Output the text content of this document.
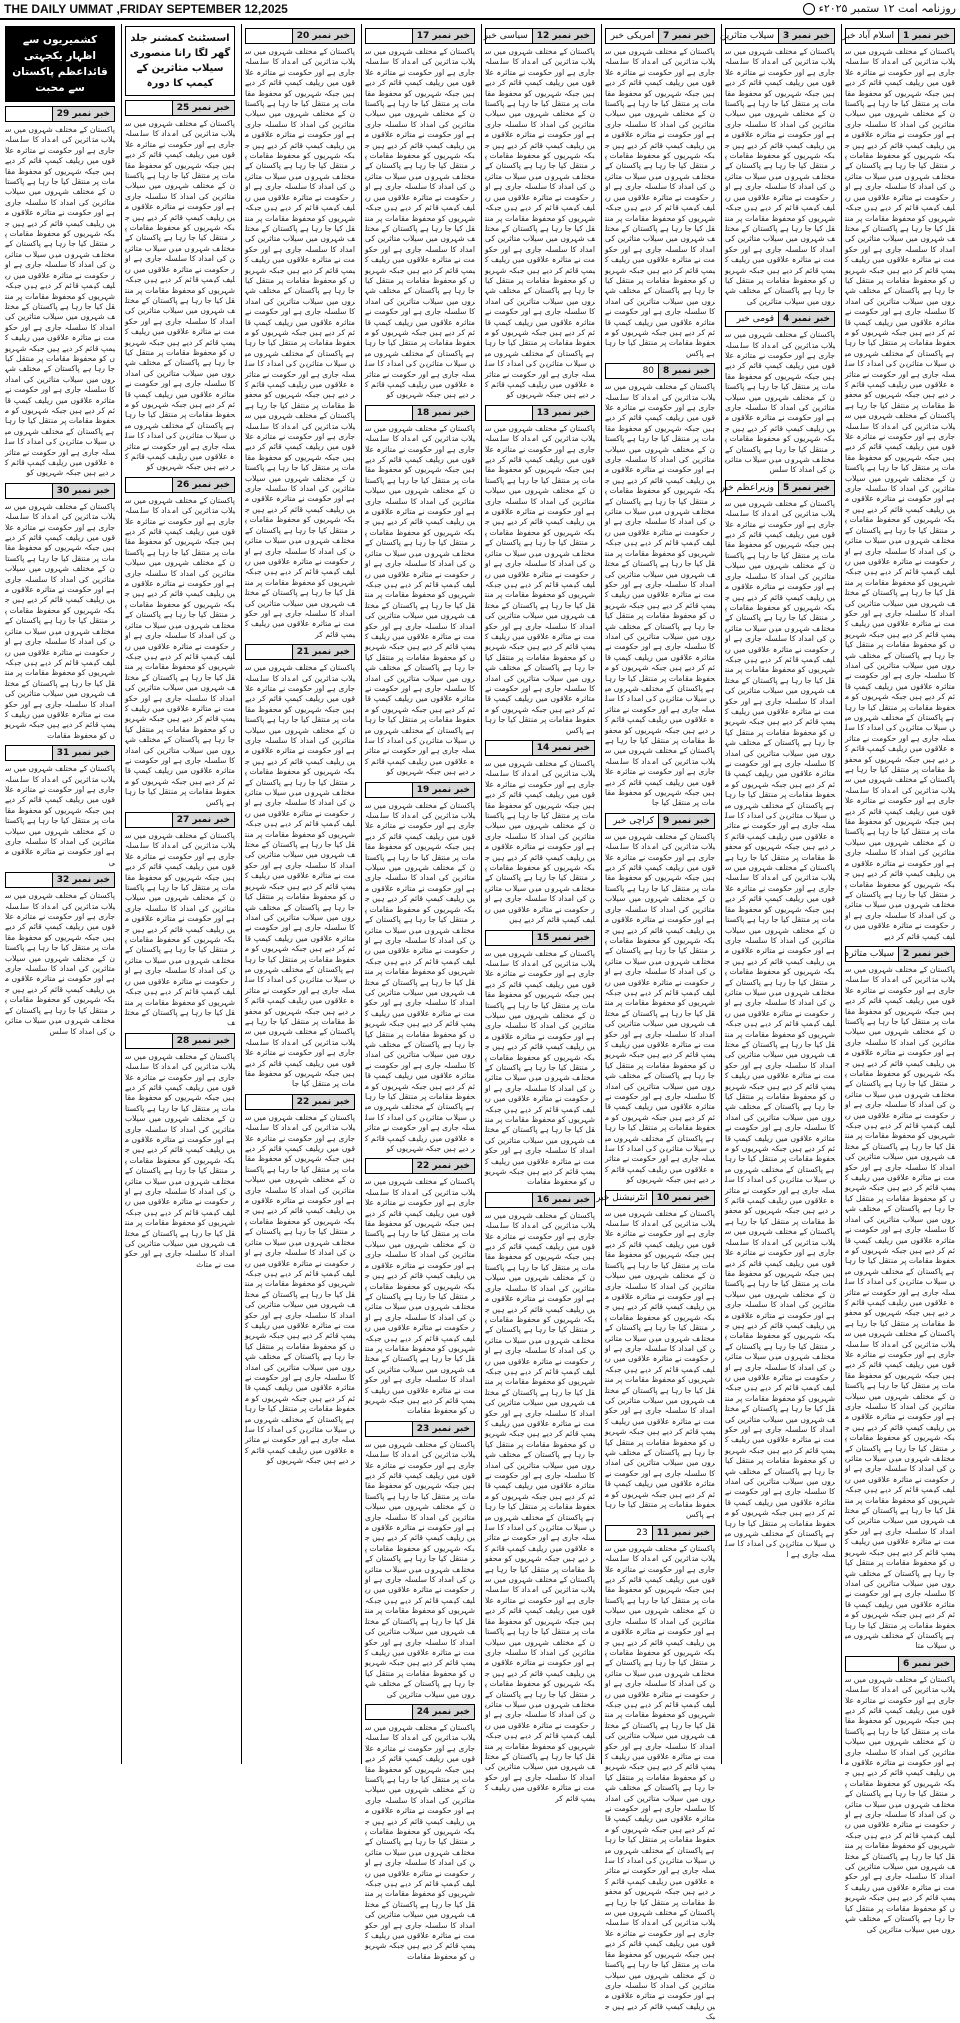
THE DAILY UMMAT ,FRIDAY SEPTEMBER 12,2025	روزنامہ امت ۱۲ ستمبر ۲۰۲۵ء
خبر نمبر 1
اسلام آباد خبر
پاکستان کے مختلف شہروں میں سیلاب متاثرین کی امداد کا سلسلہ جاری ہے اور حکومت نے متاثرہ علاقوں میں ریلیف کیمپ قائم کر دیے ہیں جبکہ شہریوں کو محفوظ مقامات پر منتقل کیا جا رہا ہے پاکستان کے مختلف شہروں میں سیلاب متاثرین کی امداد کا سلسلہ جاری ہے اور حکومت نے متاثرہ علاقوں میں ریلیف کیمپ قائم کر دیے ہیں جبکہ شہریوں کو محفوظ مقامات پر منتقل کیا جا رہا ہے پاکستان کے مختلف شہروں میں سیلاب متاثرین کی امداد کا سلسلہ جاری ہے اور حکومت نے متاثرہ علاقوں میں ریلیف کیمپ قائم کر دیے ہیں جبکہ شہریوں کو محفوظ مقامات پر منتقل کیا جا رہا ہے پاکستان کے مختلف شہروں میں سیلاب متاثرین کی امداد کا سلسلہ جاری ہے اور حکومت نے متاثرہ علاقوں میں ریلیف کیمپ قائم کر دیے ہیں جبکہ شہریوں کو محفوظ مقامات پر منتقل کیا جا رہا ہے پاکستان کے مختلف شہروں میں سیلاب متاثرین کی امداد کا سلسلہ جاری ہے اور حکومت نے متاثرہ علاقوں میں ریلیف کیمپ قائم کر دیے ہیں جبکہ شہریوں کو محفوظ مقامات پر منتقل کیا جا رہا ہے پاکستان کے مختلف شہروں میں سیلاب متاثرین کی امداد کا سلسلہ جاری ہے اور حکومت نے متاثرہ علاقوں میں ریلیف کیمپ قائم کر دیے ہیں جبکہ شہریوں کو محفوظ مقامات پر منتقل کیا جا رہا ہے پاکستان کے مختلف شہروں میں سیلاب متاثرین کی امداد کا سلسلہ جاری ہے اور حکومت نے متاثرہ علاقوں میں ریلیف کیمپ قائم کر دیے ہیں جبکہ شہریوں کو محفوظ مقامات پر منتقل کیا جا رہا ہے پاکستان کے مختلف شہروں میں سیلاب متاثرین کی امداد کا سلسلہ جاری ہے اور حکومت نے متاثرہ علاقوں میں ریلیف کیمپ قائم کر دیے ہیں جبکہ شہریوں کو محفوظ مقامات پر منتقل کیا جا رہا ہے پاکستان کے مختلف شہروں میں سیلاب متاثرین کی امداد کا سلسلہ جاری ہے اور حکومت نے متاثرہ علاقوں میں ریلیف کیمپ قائم کر دیے ہیں جبکہ شہریوں کو محفوظ مقامات پر منتقل کیا جا رہا ہے پاکستان کے مختلف شہروں میں سیلاب متاثرین کی امداد کا سلسلہ جاری ہے اور حکومت نے متاثرہ علاقوں میں ریلیف کیمپ قائم کر دیے ہیں جبکہ شہریوں کو محفوظ مقامات پر منتقل کیا جا رہا ہے پاکستان کے مختلف شہروں میں سیلاب متاثرین کی امداد کا سلسلہ جاری ہے اور حکومت نے متاثرہ علاقوں میں ریلیف کیمپ قائم کر دیے ہیں جبکہ شہریوں کو محفوظ مقامات پر منتقل کیا جا رہا ہے پاکستان کے مختلف شہروں میں سیلاب متاثرین کی امداد کا سلسلہ جاری ہے اور حکومت نے متاثرہ علاقوں میں ریلیف کیمپ قائم کر دیے ہیں جبکہ شہریوں کو محفوظ مقامات پر منتقل کیا جا رہا ہے پاکستان کے مختلف شہروں میں سیلاب متاثرین کی امداد کا سلسلہ جاری ہے اور حکومت نے متاثرہ علاقوں میں ریلیف کیمپ قائم کر دیے ہیں جبکہ شہریوں کو محفوظ مقامات پر منتقل کیا جا رہا ہے پاکستان کے مختلف شہروں میں سیلاب متاثرین کی امداد کا سلسلہ جاری ہے اور حکومت نے متاثرہ علاقوں میں ریلیف کیمپ قائم کر دیے ہیں جبکہ شہریوں کو محفوظ مقامات پر منتقل کیا جا رہا ہے پاکستان کے مختلف شہروں میں سیلاب متاثرین کی امداد کا سلسلہ جاری ہے اور حکومت نے متاثرہ علاقوں میں ریلیف کیمپ قائم کر دیے
خبر نمبر 2
سیلاب متاثرہ
پاکستان کے مختلف شہروں میں سیلاب متاثرین کی امداد کا سلسلہ جاری ہے اور حکومت نے متاثرہ علاقوں میں ریلیف کیمپ قائم کر دیے ہیں جبکہ شہریوں کو محفوظ مقامات پر منتقل کیا جا رہا ہے پاکستان کے مختلف شہروں میں سیلاب متاثرین کی امداد کا سلسلہ جاری ہے اور حکومت نے متاثرہ علاقوں میں ریلیف کیمپ قائم کر دیے ہیں جبکہ شہریوں کو محفوظ مقامات پر منتقل کیا جا رہا ہے پاکستان کے مختلف شہروں میں سیلاب متاثرین کی امداد کا سلسلہ جاری ہے اور حکومت نے متاثرہ علاقوں میں ریلیف کیمپ قائم کر دیے ہیں جبکہ شہریوں کو محفوظ مقامات پر منتقل کیا جا رہا ہے پاکستان کے مختلف شہروں میں سیلاب متاثرین کی امداد کا سلسلہ جاری ہے اور حکومت نے متاثرہ علاقوں میں ریلیف کیمپ قائم کر دیے ہیں جبکہ شہریوں کو محفوظ مقامات پر منتقل کیا جا رہا ہے پاکستان کے مختلف شہروں میں سیلاب متاثرین کی امداد کا سلسلہ جاری ہے اور حکومت نے متاثرہ علاقوں میں ریلیف کیمپ قائم کر دیے ہیں جبکہ شہریوں کو محفوظ مقامات پر منتقل کیا جا رہا ہے پاکستان کے مختلف شہروں میں سیلاب متاثرین کی امداد کا سلسلہ جاری ہے اور حکومت نے متاثرہ علاقوں میں ریلیف کیمپ قائم کر دیے ہیں جبکہ شہریوں کو محفوظ مقامات پر منتقل کیا جا رہا ہے پاکستان کے مختلف شہروں میں سیلاب متاثرین کی امداد کا سلسلہ جاری ہے اور حکومت نے متاثرہ علاقوں میں ریلیف کیمپ قائم کر دیے ہیں جبکہ شہریوں کو محفوظ مقامات پر منتقل کیا جا رہا ہے پاکستان کے مختلف شہروں میں سیلاب متاثرین کی امداد کا سلسلہ جاری ہے اور حکومت نے متاثرہ علاقوں میں ریلیف کیمپ قائم کر دیے ہیں جبکہ شہریوں کو محفوظ مقامات پر منتقل کیا جا رہا ہے پاکستان کے مختلف شہروں میں سیلاب متاثرین کی امداد کا سلسلہ جاری ہے اور حکومت نے متاثرہ علاقوں میں ریلیف کیمپ قائم کر دیے ہیں جبکہ شہریوں کو محفوظ مقامات پر منتقل کیا جا رہا ہے پاکستان کے مختلف شہروں میں سیلاب متاثرین کی امداد کا سلسلہ جاری ہے اور حکومت نے متاثرہ علاقوں میں ریلیف کیمپ قائم کر دیے ہیں جبکہ شہریوں کو محفوظ مقامات پر منتقل کیا جا رہا ہے پاکستان کے مختلف شہروں میں سیلاب متاثرین کی امداد کا سلسلہ جاری ہے اور حکومت نے متاثرہ علاقوں میں ریلیف کیمپ قائم کر دیے ہیں جبکہ شہریوں کو محفوظ مقامات پر منتقل کیا جا رہا ہے پاکستان کے مختلف شہروں میں سیلاب متا
خبر نمبر 6
پاکستان کے مختلف شہروں میں سیلاب متاثرین کی امداد کا سلسلہ جاری ہے اور حکومت نے متاثرہ علاقوں میں ریلیف کیمپ قائم کر دیے ہیں جبکہ شہریوں کو محفوظ مقامات پر منتقل کیا جا رہا ہے پاکستان کے مختلف شہروں میں سیلاب متاثرین کی امداد کا سلسلہ جاری ہے اور حکومت نے متاثرہ علاقوں میں ریلیف کیمپ قائم کر دیے ہیں جبکہ شہریوں کو محفوظ مقامات پر منتقل کیا جا رہا ہے پاکستان کے مختلف شہروں میں سیلاب متاثرین کی امداد کا سلسلہ جاری ہے اور حکومت نے متاثرہ علاقوں میں ریلیف کیمپ قائم کر دیے ہیں جبکہ شہریوں کو محفوظ مقامات پر منتقل کیا جا رہا ہے پاکستان کے مختلف شہروں میں سیلاب متاثرین کی امداد کا سلسلہ جاری ہے اور حکومت نے متاثرہ علاقوں میں ریلیف کیمپ قائم کر دیے ہیں جبکہ شہریوں کو محفوظ مقامات پر منتقل کیا جا رہا ہے پاکستان کے مختلف شہروں میں سیلاب متاثرین کی
خبر نمبر 3
سیلاب متاثرین
پاکستان کے مختلف شہروں میں سیلاب متاثرین کی امداد کا سلسلہ جاری ہے اور حکومت نے متاثرہ علاقوں میں ریلیف کیمپ قائم کر دیے ہیں جبکہ شہریوں کو محفوظ مقامات پر منتقل کیا جا رہا ہے پاکستان کے مختلف شہروں میں سیلاب متاثرین کی امداد کا سلسلہ جاری ہے اور حکومت نے متاثرہ علاقوں میں ریلیف کیمپ قائم کر دیے ہیں جبکہ شہریوں کو محفوظ مقامات پر منتقل کیا جا رہا ہے پاکستان کے مختلف شہروں میں سیلاب متاثرین کی امداد کا سلسلہ جاری ہے اور حکومت نے متاثرہ علاقوں میں ریلیف کیمپ قائم کر دیے ہیں جبکہ شہریوں کو محفوظ مقامات پر منتقل کیا جا رہا ہے پاکستان کے مختلف شہروں میں سیلاب متاثرین کی امداد کا سلسلہ جاری ہے اور حکومت نے متاثرہ علاقوں میں ریلیف کیمپ قائم کر دیے ہیں جبکہ شہریوں کو محفوظ مقامات پر منتقل کیا جا رہا ہے پاکستان کے مختلف شہروں میں سیلاب متاثرین کی
خبر نمبر 4
قومی خبر
پاکستان کے مختلف شہروں میں سیلاب متاثرین کی امداد کا سلسلہ جاری ہے اور حکومت نے متاثرہ علاقوں میں ریلیف کیمپ قائم کر دیے ہیں جبکہ شہریوں کو محفوظ مقامات پر منتقل کیا جا رہا ہے پاکستان کے مختلف شہروں میں سیلاب متاثرین کی امداد کا سلسلہ جاری ہے اور حکومت نے متاثرہ علاقوں میں ریلیف کیمپ قائم کر دیے ہیں جبکہ شہریوں کو محفوظ مقامات پر منتقل کیا جا رہا ہے پاکستان کے مختلف شہروں میں سیلاب متاثرین کی امداد کا سلس
خبر نمبر 5
وزیراعظم خبر
پاکستان کے مختلف شہروں میں سیلاب متاثرین کی امداد کا سلسلہ جاری ہے اور حکومت نے متاثرہ علاقوں میں ریلیف کیمپ قائم کر دیے ہیں جبکہ شہریوں کو محفوظ مقامات پر منتقل کیا جا رہا ہے پاکستان کے مختلف شہروں میں سیلاب متاثرین کی امداد کا سلسلہ جاری ہے اور حکومت نے متاثرہ علاقوں میں ریلیف کیمپ قائم کر دیے ہیں جبکہ شہریوں کو محفوظ مقامات پر منتقل کیا جا رہا ہے پاکستان کے مختلف شہروں میں سیلاب متاثرین کی امداد کا سلسلہ جاری ہے اور حکومت نے متاثرہ علاقوں میں ریلیف کیمپ قائم کر دیے ہیں جبکہ شہریوں کو محفوظ مقامات پر منتقل کیا جا رہا ہے پاکستان کے مختلف شہروں میں سیلاب متاثرین کی امداد کا سلسلہ جاری ہے اور حکومت نے متاثرہ علاقوں میں ریلیف کیمپ قائم کر دیے ہیں جبکہ شہریوں کو محفوظ مقامات پر منتقل کیا جا رہا ہے پاکستان کے مختلف شہروں میں سیلاب متاثرین کی امداد کا سلسلہ جاری ہے اور حکومت نے متاثرہ علاقوں میں ریلیف کیمپ قائم کر دیے ہیں جبکہ شہریوں کو محفوظ مقامات پر منتقل کیا جا رہا ہے پاکستان کے مختلف شہروں میں سیلاب متاثرین کی امداد کا سلسلہ جاری ہے اور حکومت نے متاثرہ علاقوں میں ریلیف کیمپ قائم کر دیے ہیں جبکہ شہریوں کو محفوظ مقامات پر منتقل کیا جا رہا ہے پاکستان کے مختلف شہروں میں سیلاب متاثرین کی امداد کا سلسلہ جاری ہے اور حکومت نے متاثرہ علاقوں میں ریلیف کیمپ قائم کر دیے ہیں جبکہ شہریوں کو محفوظ مقامات پر منتقل کیا جا رہا ہے پاکستان کے مختلف شہروں میں سیلاب متاثرین کی امداد کا سلسلہ جاری ہے اور حکومت نے متاثرہ علاقوں میں ریلیف کیمپ قائم کر دیے ہیں جبکہ شہریوں کو محفوظ مقامات پر منتقل کیا جا رہا ہے پاکستان کے مختلف شہروں میں سیلاب متاثرین کی امداد کا سلسلہ جاری ہے اور حکومت نے متاثرہ علاقوں میں ریلیف کیمپ قائم کر دیے ہیں جبکہ شہریوں کو محفوظ مقامات پر منتقل کیا جا رہا ہے پاکستان کے مختلف شہروں میں سیلاب متاثرین کی امداد کا سلسلہ جاری ہے اور حکومت نے متاثرہ علاقوں میں ریلیف کیمپ قائم کر دیے ہیں جبکہ شہریوں کو محفوظ مقامات پر منتقل کیا جا رہا ہے پاکستان کے مختلف شہروں میں سیلاب متاثرین کی امداد کا سلسلہ جاری ہے اور حکومت نے متاثرہ علاقوں میں ریلیف کیمپ قائم کر دیے ہیں جبکہ شہریوں کو محفوظ مقامات پر منتقل کیا جا رہا ہے پاکستان کے مختلف شہروں میں سیلاب متاثرین کی امداد کا سلسلہ جاری ہے اور حکومت نے متاثرہ علاقوں میں ریلیف کیمپ قائم کر دیے ہیں جبکہ شہریوں کو محفوظ مقامات پر منتقل کیا جا رہا ہے پاکستان کے مختلف شہروں میں سیلاب متاثرین کی امداد کا سلسلہ جاری ہے اور حکومت نے متاثرہ علاقوں میں ریلیف کیمپ قائم کر دیے ہیں جبکہ شہریوں کو محفوظ مقامات پر منتقل کیا جا رہا ہے پاکستان کے مختلف شہروں میں سیلاب متاثرین کی امداد کا سلسلہ جاری ہے اور حکومت نے متاثرہ علاقوں میں ریلیف کیمپ قائم کر دیے ہیں جبکہ شہریوں کو محفوظ مقامات پر منتقل کیا جا رہا ہے پاکستان کے مختلف شہروں میں سیلاب متاثرین کی امداد کا سلسلہ جاری ہے اور حکومت نے متاثرہ علاقوں میں ریلیف کیمپ قائم کر دیے ہیں جبکہ شہریوں کو محفوظ مقامات پر منتقل کیا جا رہا ہے پاکستان کے مختلف شہروں میں سیلاب متاثرین کی امداد کا سلسلہ جاری ہے اور حکومت نے متاثرہ علاقوں میں ریلیف کیمپ قائم کر دیے ہیں جبکہ شہریوں کو محفوظ مقامات پر منتقل کیا جا رہا ہے پاکستان کے مختلف شہروں میں سیلاب متاثرین کی امداد کا سلسلہ جاری ہے اور حکومت نے متاثرہ علاقوں میں ریلیف کیمپ قائم کر دیے ہیں جبکہ شہریوں کو محفوظ مقامات پر منتقل کیا جا رہا ہے پاکستان کے مختلف شہروں میں سیلاب متاثرین کی امداد کا سلسلہ جاری ہے ا
خبر نمبر 7
امریکی خبر
پاکستان کے مختلف شہروں میں سیلاب متاثرین کی امداد کا سلسلہ جاری ہے اور حکومت نے متاثرہ علاقوں میں ریلیف کیمپ قائم کر دیے ہیں جبکہ شہریوں کو محفوظ مقامات پر منتقل کیا جا رہا ہے پاکستان کے مختلف شہروں میں سیلاب متاثرین کی امداد کا سلسلہ جاری ہے اور حکومت نے متاثرہ علاقوں میں ریلیف کیمپ قائم کر دیے ہیں جبکہ شہریوں کو محفوظ مقامات پر منتقل کیا جا رہا ہے پاکستان کے مختلف شہروں میں سیلاب متاثرین کی امداد کا سلسلہ جاری ہے اور حکومت نے متاثرہ علاقوں میں ریلیف کیمپ قائم کر دیے ہیں جبکہ شہریوں کو محفوظ مقامات پر منتقل کیا جا رہا ہے پاکستان کے مختلف شہروں میں سیلاب متاثرین کی امداد کا سلسلہ جاری ہے اور حکومت نے متاثرہ علاقوں میں ریلیف کیمپ قائم کر دیے ہیں جبکہ شہریوں کو محفوظ مقامات پر منتقل کیا جا رہا ہے پاکستان کے مختلف شہروں میں سیلاب متاثرین کی امداد کا سلسلہ جاری ہے اور حکومت نے متاثرہ علاقوں میں ریلیف کیمپ قائم کر دیے ہیں جبکہ شہریوں کو محفوظ مقامات پر منتقل کیا جا رہا ہے پاکس
خبر نمبر 8
80
پاکستان کے مختلف شہروں میں سیلاب متاثرین کی امداد کا سلسلہ جاری ہے اور حکومت نے متاثرہ علاقوں میں ریلیف کیمپ قائم کر دیے ہیں جبکہ شہریوں کو محفوظ مقامات پر منتقل کیا جا رہا ہے پاکستان کے مختلف شہروں میں سیلاب متاثرین کی امداد کا سلسلہ جاری ہے اور حکومت نے متاثرہ علاقوں میں ریلیف کیمپ قائم کر دیے ہیں جبکہ شہریوں کو محفوظ مقامات پر منتقل کیا جا رہا ہے پاکستان کے مختلف شہروں میں سیلاب متاثرین کی امداد کا سلسلہ جاری ہے اور حکومت نے متاثرہ علاقوں میں ریلیف کیمپ قائم کر دیے ہیں جبکہ شہریوں کو محفوظ مقامات پر منتقل کیا جا رہا ہے پاکستان کے مختلف شہروں میں سیلاب متاثرین کی امداد کا سلسلہ جاری ہے اور حکومت نے متاثرہ علاقوں میں ریلیف کیمپ قائم کر دیے ہیں جبکہ شہریوں کو محفوظ مقامات پر منتقل کیا جا رہا ہے پاکستان کے مختلف شہروں میں سیلاب متاثرین کی امداد کا سلسلہ جاری ہے اور حکومت نے متاثرہ علاقوں میں ریلیف کیمپ قائم کر دیے ہیں جبکہ شہریوں کو محفوظ مقامات پر منتقل کیا جا رہا ہے پاکستان کے مختلف شہروں میں سیلاب متاثرین کی امداد کا سلسلہ جاری ہے اور حکومت نے متاثرہ علاقوں میں ریلیف کیمپ قائم کر دیے ہیں جبکہ شہریوں کو محفوظ مقامات پر منتقل کیا جا رہا ہے پاکستان کے مختلف شہروں میں سیلاب متاثرین کی امداد کا سلسلہ جاری ہے اور حکومت نے متاثرہ علاقوں میں ریلیف کیمپ قائم کر دیے ہیں جبکہ شہریوں کو محفوظ مقامات پر منتقل کیا جا
خبر نمبر 9
کراچی خبر
پاکستان کے مختلف شہروں میں سیلاب متاثرین کی امداد کا سلسلہ جاری ہے اور حکومت نے متاثرہ علاقوں میں ریلیف کیمپ قائم کر دیے ہیں جبکہ شہریوں کو محفوظ مقامات پر منتقل کیا جا رہا ہے پاکستان کے مختلف شہروں میں سیلاب متاثرین کی امداد کا سلسلہ جاری ہے اور حکومت نے متاثرہ علاقوں میں ریلیف کیمپ قائم کر دیے ہیں جبکہ شہریوں کو محفوظ مقامات پر منتقل کیا جا رہا ہے پاکستان کے مختلف شہروں میں سیلاب متاثرین کی امداد کا سلسلہ جاری ہے اور حکومت نے متاثرہ علاقوں میں ریلیف کیمپ قائم کر دیے ہیں جبکہ شہریوں کو محفوظ مقامات پر منتقل کیا جا رہا ہے پاکستان کے مختلف شہروں میں سیلاب متاثرین کی امداد کا سلسلہ جاری ہے اور حکومت نے متاثرہ علاقوں میں ریلیف کیمپ قائم کر دیے ہیں جبکہ شہریوں کو محفوظ مقامات پر منتقل کیا جا رہا ہے پاکستان کے مختلف شہروں میں سیلاب متاثرین کی امداد کا سلسلہ جاری ہے اور حکومت نے متاثرہ علاقوں میں ریلیف کیمپ قائم کر دیے ہیں جبکہ شہریوں کو محفوظ مقامات پر منتقل کیا جا رہا ہے پاکستان کے مختلف شہروں میں سیلاب متاثرین کی امداد کا سلسلہ جاری ہے اور حکومت نے متاثرہ علاقوں میں ریلیف کیمپ قائم کر دیے ہیں جبکہ شہریوں کو
خبر نمبر 10
انٹرنیشنل خبر
پاکستان کے مختلف شہروں میں سیلاب متاثرین کی امداد کا سلسلہ جاری ہے اور حکومت نے متاثرہ علاقوں میں ریلیف کیمپ قائم کر دیے ہیں جبکہ شہریوں کو محفوظ مقامات پر منتقل کیا جا رہا ہے پاکستان کے مختلف شہروں میں سیلاب متاثرین کی امداد کا سلسلہ جاری ہے اور حکومت نے متاثرہ علاقوں میں ریلیف کیمپ قائم کر دیے ہیں جبکہ شہریوں کو محفوظ مقامات پر منتقل کیا جا رہا ہے پاکستان کے مختلف شہروں میں سیلاب متاثرین کی امداد کا سلسلہ جاری ہے اور حکومت نے متاثرہ علاقوں میں ریلیف کیمپ قائم کر دیے ہیں جبکہ شہریوں کو محفوظ مقامات پر منتقل کیا جا رہا ہے پاکستان کے مختلف شہروں میں سیلاب متاثرین کی امداد کا سلسلہ جاری ہے اور حکومت نے متاثرہ علاقوں میں ریلیف کیمپ قائم کر دیے ہیں جبکہ شہریوں کو محفوظ مقامات پر منتقل کیا جا رہا ہے پاکستان کے مختلف شہروں میں سیلاب متاثرین کی امداد کا سلسلہ جاری ہے اور حکومت نے متاثرہ علاقوں میں ریلیف کیمپ قائم کر دیے ہیں جبکہ شہریوں کو محفوظ مقامات پر منتقل کیا جا رہا ہے پاکس
خبر نمبر 11
23
پاکستان کے مختلف شہروں میں سیلاب متاثرین کی امداد کا سلسلہ جاری ہے اور حکومت نے متاثرہ علاقوں میں ریلیف کیمپ قائم کر دیے ہیں جبکہ شہریوں کو محفوظ مقامات پر منتقل کیا جا رہا ہے پاکستان کے مختلف شہروں میں سیلاب متاثرین کی امداد کا سلسلہ جاری ہے اور حکومت نے متاثرہ علاقوں میں ریلیف کیمپ قائم کر دیے ہیں جبکہ شہریوں کو محفوظ مقامات پر منتقل کیا جا رہا ہے پاکستان کے مختلف شہروں میں سیلاب متاثرین کی امداد کا سلسلہ جاری ہے اور حکومت نے متاثرہ علاقوں میں ریلیف کیمپ قائم کر دیے ہیں جبکہ شہریوں کو محفوظ مقامات پر منتقل کیا جا رہا ہے پاکستان کے مختلف شہروں میں سیلاب متاثرین کی امداد کا سلسلہ جاری ہے اور حکومت نے متاثرہ علاقوں میں ریلیف کیمپ قائم کر دیے ہیں جبکہ شہریوں کو محفوظ مقامات پر منتقل کیا جا رہا ہے پاکستان کے مختلف شہروں میں سیلاب متاثرین کی امداد کا سلسلہ جاری ہے اور حکومت نے متاثرہ علاقوں میں ریلیف کیمپ قائم کر دیے ہیں جبکہ شہریوں کو محفوظ مقامات پر منتقل کیا جا رہا ہے پاکستان کے مختلف شہروں میں سیلاب متاثرین کی امداد کا سلسلہ جاری ہے اور حکومت نے متاثرہ علاقوں میں ریلیف کیمپ قائم کر دیے ہیں جبکہ شہریوں کو محفوظ مقامات پر منتقل کیا جا رہا ہے پاکستان کے مختلف شہروں میں سیلاب متاثرین کی امداد کا سلسلہ جاری ہے اور حکومت نے متاثرہ علاقوں میں ریلیف کیمپ قائم کر دیے ہیں جبکہ شہریوں کو محفوظ مقامات پر منتقل کیا جا رہا ہے پاکستان کے مختلف شہروں میں سیلاب متاثرین کی امداد کا سلسلہ جاری ہے اور حکومت نے متاثرہ علاقوں میں ریلیف کیمپ قائم کر دیے ہیں جبک
خبر نمبر 12
سیاسی خبر
پاکستان کے مختلف شہروں میں سیلاب متاثرین کی امداد کا سلسلہ جاری ہے اور حکومت نے متاثرہ علاقوں میں ریلیف کیمپ قائم کر دیے ہیں جبکہ شہریوں کو محفوظ مقامات پر منتقل کیا جا رہا ہے پاکستان کے مختلف شہروں میں سیلاب متاثرین کی امداد کا سلسلہ جاری ہے اور حکومت نے متاثرہ علاقوں میں ریلیف کیمپ قائم کر دیے ہیں جبکہ شہریوں کو محفوظ مقامات پر منتقل کیا جا رہا ہے پاکستان کے مختلف شہروں میں سیلاب متاثرین کی امداد کا سلسلہ جاری ہے اور حکومت نے متاثرہ علاقوں میں ریلیف کیمپ قائم کر دیے ہیں جبکہ شہریوں کو محفوظ مقامات پر منتقل کیا جا رہا ہے پاکستان کے مختلف شہروں میں سیلاب متاثرین کی امداد کا سلسلہ جاری ہے اور حکومت نے متاثرہ علاقوں میں ریلیف کیمپ قائم کر دیے ہیں جبکہ شہریوں کو محفوظ مقامات پر منتقل کیا جا رہا ہے پاکستان کے مختلف شہروں میں سیلاب متاثرین کی امداد کا سلسلہ جاری ہے اور حکومت نے متاثرہ علاقوں میں ریلیف کیمپ قائم کر دیے ہیں جبکہ شہریوں کو محفوظ مقامات پر منتقل کیا جا رہا ہے پاکستان کے مختلف شہروں میں سیلاب متاثرین کی امداد کا سلسلہ جاری ہے اور حکومت نے متاثرہ علاقوں میں ریلیف کیمپ قائم کر دیے ہیں جبکہ شہریوں کو
خبر نمبر 13
پاکستان کے مختلف شہروں میں سیلاب متاثرین کی امداد کا سلسلہ جاری ہے اور حکومت نے متاثرہ علاقوں میں ریلیف کیمپ قائم کر دیے ہیں جبکہ شہریوں کو محفوظ مقامات پر منتقل کیا جا رہا ہے پاکستان کے مختلف شہروں میں سیلاب متاثرین کی امداد کا سلسلہ جاری ہے اور حکومت نے متاثرہ علاقوں میں ریلیف کیمپ قائم کر دیے ہیں جبکہ شہریوں کو محفوظ مقامات پر منتقل کیا جا رہا ہے پاکستان کے مختلف شہروں میں سیلاب متاثرین کی امداد کا سلسلہ جاری ہے اور حکومت نے متاثرہ علاقوں میں ریلیف کیمپ قائم کر دیے ہیں جبکہ شہریوں کو محفوظ مقامات پر منتقل کیا جا رہا ہے پاکستان کے مختلف شہروں میں سیلاب متاثرین کی امداد کا سلسلہ جاری ہے اور حکومت نے متاثرہ علاقوں میں ریلیف کیمپ قائم کر دیے ہیں جبکہ شہریوں کو محفوظ مقامات پر منتقل کیا جا رہا ہے پاکستان کے مختلف شہروں میں سیلاب متاثرین کی امداد کا سلسلہ جاری ہے اور حکومت نے متاثرہ علاقوں میں ریلیف کیمپ قائم کر دیے ہیں جبکہ شہریوں کو محفوظ مقامات پر منتقل کیا جا رہا ہے پاکس
خبر نمبر 14
پاکستان کے مختلف شہروں میں سیلاب متاثرین کی امداد کا سلسلہ جاری ہے اور حکومت نے متاثرہ علاقوں میں ریلیف کیمپ قائم کر دیے ہیں جبکہ شہریوں کو محفوظ مقامات پر منتقل کیا جا رہا ہے پاکستان کے مختلف شہروں میں سیلاب متاثرین کی امداد کا سلسلہ جاری ہے اور حکومت نے متاثرہ علاقوں میں ریلیف کیمپ قائم کر دیے ہیں جبکہ شہریوں کو محفوظ مقامات پر منتقل کیا جا رہا ہے پاکستان کے مختلف شہروں میں سیلاب متاثرین کی امداد کا سلسلہ جاری ہے اور حکومت نے متاثرہ علاقوں میں ریلیف کیمپ قائم کر دیے ہیں
خبر نمبر 15
پاکستان کے مختلف شہروں میں سیلاب متاثرین کی امداد کا سلسلہ جاری ہے اور حکومت نے متاثرہ علاقوں میں ریلیف کیمپ قائم کر دیے ہیں جبکہ شہریوں کو محفوظ مقامات پر منتقل کیا جا رہا ہے پاکستان کے مختلف شہروں میں سیلاب متاثرین کی امداد کا سلسلہ جاری ہے اور حکومت نے متاثرہ علاقوں میں ریلیف کیمپ قائم کر دیے ہیں جبکہ شہریوں کو محفوظ مقامات پر منتقل کیا جا رہا ہے پاکستان کے مختلف شہروں میں سیلاب متاثرین کی امداد کا سلسلہ جاری ہے اور حکومت نے متاثرہ علاقوں میں ریلیف کیمپ قائم کر دیے ہیں جبکہ شہریوں کو محفوظ مقامات پر منتقل کیا جا رہا ہے پاکستان کے مختلف شہروں میں سیلاب متاثرین کی امداد کا سلسلہ جاری ہے اور حکومت نے متاثرہ علاقوں میں ریلیف کیمپ قائم کر دیے ہیں جبکہ شہریوں کو محفوظ مقامات
خبر نمبر 16
پاکستان کے مختلف شہروں میں سیلاب متاثرین کی امداد کا سلسلہ جاری ہے اور حکومت نے متاثرہ علاقوں میں ریلیف کیمپ قائم کر دیے ہیں جبکہ شہریوں کو محفوظ مقامات پر منتقل کیا جا رہا ہے پاکستان کے مختلف شہروں میں سیلاب متاثرین کی امداد کا سلسلہ جاری ہے اور حکومت نے متاثرہ علاقوں میں ریلیف کیمپ قائم کر دیے ہیں جبکہ شہریوں کو محفوظ مقامات پر منتقل کیا جا رہا ہے پاکستان کے مختلف شہروں میں سیلاب متاثرین کی امداد کا سلسلہ جاری ہے اور حکومت نے متاثرہ علاقوں میں ریلیف کیمپ قائم کر دیے ہیں جبکہ شہریوں کو محفوظ مقامات پر منتقل کیا جا رہا ہے پاکستان کے مختلف شہروں میں سیلاب متاثرین کی امداد کا سلسلہ جاری ہے اور حکومت نے متاثرہ علاقوں میں ریلیف کیمپ قائم کر دیے ہیں جبکہ شہریوں کو محفوظ مقامات پر منتقل کیا جا رہا ہے پاکستان کے مختلف شہروں میں سیلاب متاثرین کی امداد کا سلسلہ جاری ہے اور حکومت نے متاثرہ علاقوں میں ریلیف کیمپ قائم کر دیے ہیں جبکہ شہریوں کو محفوظ مقامات پر منتقل کیا جا رہا ہے پاکستان کے مختلف شہروں میں سیلاب متاثرین کی امداد کا سلسلہ جاری ہے اور حکومت نے متاثرہ علاقوں میں ریلیف کیمپ قائم کر دیے ہیں جبکہ شہریوں کو محفوظ مقامات پر منتقل کیا جا رہا ہے پاکستان کے مختلف شہروں میں سیلاب متاثرین کی امداد کا سلسلہ جاری ہے اور حکومت نے متاثرہ علاقوں میں ریلیف کیمپ قائم کر دیے ہیں جبکہ شہریوں کو محفوظ مقامات پر منتقل کیا جا رہا ہے پاکستان کے مختلف شہروں میں سیلاب متاثرین کی امداد کا سلسلہ جاری ہے اور حکومت نے متاثرہ علاقوں میں ریلیف کیمپ قائم کر دیے ہیں جبکہ شہریوں کو محفوظ مقامات پر منتقل کیا جا رہا ہے پاکستان کے مختلف شہروں میں سیلاب متاثرین کی امداد کا سلسلہ جاری ہے اور حکومت نے متاثرہ علاقوں میں ریلیف کیمپ قائم کر دیے ہیں جبکہ شہریوں کو محفوظ مقامات پر منتقل کیا جا رہا ہے پاکستان کے مختلف شہروں میں سیلاب متاثرین کی امداد کا سلسلہ جاری ہے اور حکومت نے متاثرہ علاقوں میں ریلیف کیمپ قائم کر
خبر نمبر 17
پاکستان کے مختلف شہروں میں سیلاب متاثرین کی امداد کا سلسلہ جاری ہے اور حکومت نے متاثرہ علاقوں میں ریلیف کیمپ قائم کر دیے ہیں جبکہ شہریوں کو محفوظ مقامات پر منتقل کیا جا رہا ہے پاکستان کے مختلف شہروں میں سیلاب متاثرین کی امداد کا سلسلہ جاری ہے اور حکومت نے متاثرہ علاقوں میں ریلیف کیمپ قائم کر دیے ہیں جبکہ شہریوں کو محفوظ مقامات پر منتقل کیا جا رہا ہے پاکستان کے مختلف شہروں میں سیلاب متاثرین کی امداد کا سلسلہ جاری ہے اور حکومت نے متاثرہ علاقوں میں ریلیف کیمپ قائم کر دیے ہیں جبکہ شہریوں کو محفوظ مقامات پر منتقل کیا جا رہا ہے پاکستان کے مختلف شہروں میں سیلاب متاثرین کی امداد کا سلسلہ جاری ہے اور حکومت نے متاثرہ علاقوں میں ریلیف کیمپ قائم کر دیے ہیں جبکہ شہریوں کو محفوظ مقامات پر منتقل کیا جا رہا ہے پاکستان کے مختلف شہروں میں سیلاب متاثرین کی امداد کا سلسلہ جاری ہے اور حکومت نے متاثرہ علاقوں میں ریلیف کیمپ قائم کر دیے ہیں جبکہ شہریوں کو محفوظ مقامات پر منتقل کیا جا رہا ہے پاکستان کے مختلف شہروں میں سیلاب متاثرین کی امداد کا سلسلہ جاری ہے اور حکومت نے متاثرہ علاقوں میں ریلیف کیمپ قائم کر دیے ہیں جبکہ شہریوں کو
خبر نمبر 18
پاکستان کے مختلف شہروں میں سیلاب متاثرین کی امداد کا سلسلہ جاری ہے اور حکومت نے متاثرہ علاقوں میں ریلیف کیمپ قائم کر دیے ہیں جبکہ شہریوں کو محفوظ مقامات پر منتقل کیا جا رہا ہے پاکستان کے مختلف شہروں میں سیلاب متاثرین کی امداد کا سلسلہ جاری ہے اور حکومت نے متاثرہ علاقوں میں ریلیف کیمپ قائم کر دیے ہیں جبکہ شہریوں کو محفوظ مقامات پر منتقل کیا جا رہا ہے پاکستان کے مختلف شہروں میں سیلاب متاثرین کی امداد کا سلسلہ جاری ہے اور حکومت نے متاثرہ علاقوں میں ریلیف کیمپ قائم کر دیے ہیں جبکہ شہریوں کو محفوظ مقامات پر منتقل کیا جا رہا ہے پاکستان کے مختلف شہروں میں سیلاب متاثرین کی امداد کا سلسلہ جاری ہے اور حکومت نے متاثرہ علاقوں میں ریلیف کیمپ قائم کر دیے ہیں جبکہ شہریوں کو محفوظ مقامات پر منتقل کیا جا رہا ہے پاکستان کے مختلف شہروں میں سیلاب متاثرین کی امداد کا سلسلہ جاری ہے اور حکومت نے متاثرہ علاقوں میں ریلیف کیمپ قائم کر دیے ہیں جبکہ شہریوں کو محفوظ مقامات پر منتقل کیا جا رہا ہے پاکستان کے مختلف شہروں میں سیلاب متاثرین کی امداد کا سلسلہ جاری ہے اور حکومت نے متاثرہ علاقوں میں ریلیف کیمپ قائم کر دیے ہیں جبکہ شہریوں کو
خبر نمبر 19
پاکستان کے مختلف شہروں میں سیلاب متاثرین کی امداد کا سلسلہ جاری ہے اور حکومت نے متاثرہ علاقوں میں ریلیف کیمپ قائم کر دیے ہیں جبکہ شہریوں کو محفوظ مقامات پر منتقل کیا جا رہا ہے پاکستان کے مختلف شہروں میں سیلاب متاثرین کی امداد کا سلسلہ جاری ہے اور حکومت نے متاثرہ علاقوں میں ریلیف کیمپ قائم کر دیے ہیں جبکہ شہریوں کو محفوظ مقامات پر منتقل کیا جا رہا ہے پاکستان کے مختلف شہروں میں سیلاب متاثرین کی امداد کا سلسلہ جاری ہے اور حکومت نے متاثرہ علاقوں میں ریلیف کیمپ قائم کر دیے ہیں جبکہ شہریوں کو محفوظ مقامات پر منتقل کیا جا رہا ہے پاکستان کے مختلف شہروں میں سیلاب متاثرین کی امداد کا سلسلہ جاری ہے اور حکومت نے متاثرہ علاقوں میں ریلیف کیمپ قائم کر دیے ہیں جبکہ شہریوں کو محفوظ مقامات پر منتقل کیا جا رہا ہے پاکستان کے مختلف شہروں میں سیلاب متاثرین کی امداد کا سلسلہ جاری ہے اور حکومت نے متاثرہ علاقوں میں ریلیف کیمپ قائم کر دیے ہیں جبکہ شہریوں کو محفوظ مقامات پر منتقل کیا جا رہا ہے پاکستان کے مختلف شہروں میں سیلاب متاثرین کی امداد کا سلسلہ جاری ہے اور حکومت نے متاثرہ علاقوں میں ریلیف کیمپ قائم کر دیے ہیں جبکہ شہریوں کو
خبر نمبر 22
پاکستان کے مختلف شہروں میں سیلاب متاثرین کی امداد کا سلسلہ جاری ہے اور حکومت نے متاثرہ علاقوں میں ریلیف کیمپ قائم کر دیے ہیں جبکہ شہریوں کو محفوظ مقامات پر منتقل کیا جا رہا ہے پاکستان کے مختلف شہروں میں سیلاب متاثرین کی امداد کا سلسلہ جاری ہے اور حکومت نے متاثرہ علاقوں میں ریلیف کیمپ قائم کر دیے ہیں جبکہ شہریوں کو محفوظ مقامات پر منتقل کیا جا رہا ہے پاکستان کے مختلف شہروں میں سیلاب متاثرین کی امداد کا سلسلہ جاری ہے اور حکومت نے متاثرہ علاقوں میں ریلیف کیمپ قائم کر دیے ہیں جبکہ شہریوں کو محفوظ مقامات پر منتقل کیا جا رہا ہے پاکستان کے مختلف شہروں میں سیلاب متاثرین کی امداد کا سلسلہ جاری ہے اور حکومت نے متاثرہ علاقوں میں ریلیف کیمپ قائم کر دیے ہیں جبکہ شہریوں کو محفوظ مقامات
خبر نمبر 23
پاکستان کے مختلف شہروں میں سیلاب متاثرین کی امداد کا سلسلہ جاری ہے اور حکومت نے متاثرہ علاقوں میں ریلیف کیمپ قائم کر دیے ہیں جبکہ شہریوں کو محفوظ مقامات پر منتقل کیا جا رہا ہے پاکستان کے مختلف شہروں میں سیلاب متاثرین کی امداد کا سلسلہ جاری ہے اور حکومت نے متاثرہ علاقوں میں ریلیف کیمپ قائم کر دیے ہیں جبکہ شہریوں کو محفوظ مقامات پر منتقل کیا جا رہا ہے پاکستان کے مختلف شہروں میں سیلاب متاثرین کی امداد کا سلسلہ جاری ہے اور حکومت نے متاثرہ علاقوں میں ریلیف کیمپ قائم کر دیے ہیں جبکہ شہریوں کو محفوظ مقامات پر منتقل کیا جا رہا ہے پاکستان کے مختلف شہروں میں سیلاب متاثرین کی امداد کا سلسلہ جاری ہے اور حکومت نے متاثرہ علاقوں میں ریلیف کیمپ قائم کر دیے ہیں جبکہ شہریوں کو محفوظ مقامات پر منتقل کیا جا رہا ہے پاکستان کے مختلف شہروں میں سیلاب متاثرین کی
خبر نمبر 24
پاکستان کے مختلف شہروں میں سیلاب متاثرین کی امداد کا سلسلہ جاری ہے اور حکومت نے متاثرہ علاقوں میں ریلیف کیمپ قائم کر دیے ہیں جبکہ شہریوں کو محفوظ مقامات پر منتقل کیا جا رہا ہے پاکستان کے مختلف شہروں میں سیلاب متاثرین کی امداد کا سلسلہ جاری ہے اور حکومت نے متاثرہ علاقوں میں ریلیف کیمپ قائم کر دیے ہیں جبکہ شہریوں کو محفوظ مقامات پر منتقل کیا جا رہا ہے پاکستان کے مختلف شہروں میں سیلاب متاثرین کی امداد کا سلسلہ جاری ہے اور حکومت نے متاثرہ علاقوں میں ریلیف کیمپ قائم کر دیے ہیں جبکہ شہریوں کو محفوظ مقامات پر منتقل کیا جا رہا ہے پاکستان کے مختلف شہروں میں سیلاب متاثرین کی امداد کا سلسلہ جاری ہے اور حکومت نے متاثرہ علاقوں میں ریلیف کیمپ قائم کر دیے ہیں جبکہ شہریوں کو محفوظ مقامات
خبر نمبر 20
پاکستان کے مختلف شہروں میں سیلاب متاثرین کی امداد کا سلسلہ جاری ہے اور حکومت نے متاثرہ علاقوں میں ریلیف کیمپ قائم کر دیے ہیں جبکہ شہریوں کو محفوظ مقامات پر منتقل کیا جا رہا ہے پاکستان کے مختلف شہروں میں سیلاب متاثرین کی امداد کا سلسلہ جاری ہے اور حکومت نے متاثرہ علاقوں میں ریلیف کیمپ قائم کر دیے ہیں جبکہ شہریوں کو محفوظ مقامات پر منتقل کیا جا رہا ہے پاکستان کے مختلف شہروں میں سیلاب متاثرین کی امداد کا سلسلہ جاری ہے اور حکومت نے متاثرہ علاقوں میں ریلیف کیمپ قائم کر دیے ہیں جبکہ شہریوں کو محفوظ مقامات پر منتقل کیا جا رہا ہے پاکستان کے مختلف شہروں میں سیلاب متاثرین کی امداد کا سلسلہ جاری ہے اور حکومت نے متاثرہ علاقوں میں ریلیف کیمپ قائم کر دیے ہیں جبکہ شہریوں کو محفوظ مقامات پر منتقل کیا جا رہا ہے پاکستان کے مختلف شہروں میں سیلاب متاثرین کی امداد کا سلسلہ جاری ہے اور حکومت نے متاثرہ علاقوں میں ریلیف کیمپ قائم کر دیے ہیں جبکہ شہریوں کو محفوظ مقامات پر منتقل کیا جا رہا ہے پاکستان کے مختلف شہروں میں سیلاب متاثرین کی امداد کا سلسلہ جاری ہے اور حکومت نے متاثرہ علاقوں میں ریلیف کیمپ قائم کر دیے ہیں جبکہ شہریوں کو محفوظ مقامات پر منتقل کیا جا رہا ہے پاکستان کے مختلف شہروں میں سیلاب متاثرین کی امداد کا سلسلہ جاری ہے اور حکومت نے متاثرہ علاقوں میں ریلیف کیمپ قائم کر دیے ہیں جبکہ شہریوں کو محفوظ مقامات پر منتقل کیا جا رہا ہے پاکستان کے مختلف شہروں میں سیلاب متاثرین کی امداد کا سلسلہ جاری ہے اور حکومت نے متاثرہ علاقوں میں ریلیف کیمپ قائم کر دیے ہیں جبکہ شہریوں کو محفوظ مقامات پر منتقل کیا جا رہا ہے پاکستان کے مختلف شہروں میں سیلاب متاثرین کی امداد کا سلسلہ جاری ہے اور حکومت نے متاثرہ علاقوں میں ریلیف کیمپ قائم کر دیے ہیں جبکہ شہریوں کو محفوظ مقامات پر منتقل کیا جا رہا ہے پاکستان کے مختلف شہروں میں سیلاب متاثرین کی امداد کا سلسلہ جاری ہے اور حکومت نے متاثرہ علاقوں میں ریلیف کیمپ قائم کر
خبر نمبر 21
پاکستان کے مختلف شہروں میں سیلاب متاثرین کی امداد کا سلسلہ جاری ہے اور حکومت نے متاثرہ علاقوں میں ریلیف کیمپ قائم کر دیے ہیں جبکہ شہریوں کو محفوظ مقامات پر منتقل کیا جا رہا ہے پاکستان کے مختلف شہروں میں سیلاب متاثرین کی امداد کا سلسلہ جاری ہے اور حکومت نے متاثرہ علاقوں میں ریلیف کیمپ قائم کر دیے ہیں جبکہ شہریوں کو محفوظ مقامات پر منتقل کیا جا رہا ہے پاکستان کے مختلف شہروں میں سیلاب متاثرین کی امداد کا سلسلہ جاری ہے اور حکومت نے متاثرہ علاقوں میں ریلیف کیمپ قائم کر دیے ہیں جبکہ شہریوں کو محفوظ مقامات پر منتقل کیا جا رہا ہے پاکستان کے مختلف شہروں میں سیلاب متاثرین کی امداد کا سلسلہ جاری ہے اور حکومت نے متاثرہ علاقوں میں ریلیف کیمپ قائم کر دیے ہیں جبکہ شہریوں کو محفوظ مقامات پر منتقل کیا جا رہا ہے پاکستان کے مختلف شہروں میں سیلاب متاثرین کی امداد کا سلسلہ جاری ہے اور حکومت نے متاثرہ علاقوں میں ریلیف کیمپ قائم کر دیے ہیں جبکہ شہریوں کو محفوظ مقامات پر منتقل کیا جا رہا ہے پاکستان کے مختلف شہروں میں سیلاب متاثرین کی امداد کا سلسلہ جاری ہے اور حکومت نے متاثرہ علاقوں میں ریلیف کیمپ قائم کر دیے ہیں جبکہ شہریوں کو محفوظ مقامات پر منتقل کیا جا رہا ہے پاکستان کے مختلف شہروں میں سیلاب متاثرین کی امداد کا سلسلہ جاری ہے اور حکومت نے متاثرہ علاقوں میں ریلیف کیمپ قائم کر دیے ہیں جبکہ شہریوں کو محفوظ مقامات پر منتقل کیا جا
خبر نمبر 22
پاکستان کے مختلف شہروں میں سیلاب متاثرین کی امداد کا سلسلہ جاری ہے اور حکومت نے متاثرہ علاقوں میں ریلیف کیمپ قائم کر دیے ہیں جبکہ شہریوں کو محفوظ مقامات پر منتقل کیا جا رہا ہے پاکستان کے مختلف شہروں میں سیلاب متاثرین کی امداد کا سلسلہ جاری ہے اور حکومت نے متاثرہ علاقوں میں ریلیف کیمپ قائم کر دیے ہیں جبکہ شہریوں کو محفوظ مقامات پر منتقل کیا جا رہا ہے پاکستان کے مختلف شہروں میں سیلاب متاثرین کی امداد کا سلسلہ جاری ہے اور حکومت نے متاثرہ علاقوں میں ریلیف کیمپ قائم کر دیے ہیں جبکہ شہریوں کو محفوظ مقامات پر منتقل کیا جا رہا ہے پاکستان کے مختلف شہروں میں سیلاب متاثرین کی امداد کا سلسلہ جاری ہے اور حکومت نے متاثرہ علاقوں میں ریلیف کیمپ قائم کر دیے ہیں جبکہ شہریوں کو محفوظ مقامات پر منتقل کیا جا رہا ہے پاکستان کے مختلف شہروں میں سیلاب متاثرین کی امداد کا سلسلہ جاری ہے اور حکومت نے متاثرہ علاقوں میں ریلیف کیمپ قائم کر دیے ہیں جبکہ شہریوں کو محفوظ مقامات پر منتقل کیا جا رہا ہے پاکستان کے مختلف شہروں میں سیلاب متاثرین کی امداد کا سلسلہ جاری ہے اور حکومت نے متاثرہ علاقوں میں ریلیف کیمپ قائم کر دیے ہیں جبکہ شہریوں کو
اسسٹنٹ کمشنر جلد گھر لگا رانا منصوری
سیلاب متاثرین کے کیمپ کا دورہ
خبر نمبر 25
پاکستان کے مختلف شہروں میں سیلاب متاثرین کی امداد کا سلسلہ جاری ہے اور حکومت نے متاثرہ علاقوں میں ریلیف کیمپ قائم کر دیے ہیں جبکہ شہریوں کو محفوظ مقامات پر منتقل کیا جا رہا ہے پاکستان کے مختلف شہروں میں سیلاب متاثرین کی امداد کا سلسلہ جاری ہے اور حکومت نے متاثرہ علاقوں میں ریلیف کیمپ قائم کر دیے ہیں جبکہ شہریوں کو محفوظ مقامات پر منتقل کیا جا رہا ہے پاکستان کے مختلف شہروں میں سیلاب متاثرین کی امداد کا سلسلہ جاری ہے اور حکومت نے متاثرہ علاقوں میں ریلیف کیمپ قائم کر دیے ہیں جبکہ شہریوں کو محفوظ مقامات پر منتقل کیا جا رہا ہے پاکستان کے مختلف شہروں میں سیلاب متاثرین کی امداد کا سلسلہ جاری ہے اور حکومت نے متاثرہ علاقوں میں ریلیف کیمپ قائم کر دیے ہیں جبکہ شہریوں کو محفوظ مقامات پر منتقل کیا جا رہا ہے پاکستان کے مختلف شہروں میں سیلاب متاثرین کی امداد کا سلسلہ جاری ہے اور حکومت نے متاثرہ علاقوں میں ریلیف کیمپ قائم کر دیے ہیں جبکہ شہریوں کو محفوظ مقامات پر منتقل کیا جا رہا ہے پاکستان کے مختلف شہروں میں سیلاب متاثرین کی امداد کا سلسلہ جاری ہے اور حکومت نے متاثرہ علاقوں میں ریلیف کیمپ قائم کر دیے ہیں جبکہ شہریوں کو
خبر نمبر 26
پاکستان کے مختلف شہروں میں سیلاب متاثرین کی امداد کا سلسلہ جاری ہے اور حکومت نے متاثرہ علاقوں میں ریلیف کیمپ قائم کر دیے ہیں جبکہ شہریوں کو محفوظ مقامات پر منتقل کیا جا رہا ہے پاکستان کے مختلف شہروں میں سیلاب متاثرین کی امداد کا سلسلہ جاری ہے اور حکومت نے متاثرہ علاقوں میں ریلیف کیمپ قائم کر دیے ہیں جبکہ شہریوں کو محفوظ مقامات پر منتقل کیا جا رہا ہے پاکستان کے مختلف شہروں میں سیلاب متاثرین کی امداد کا سلسلہ جاری ہے اور حکومت نے متاثرہ علاقوں میں ریلیف کیمپ قائم کر دیے ہیں جبکہ شہریوں کو محفوظ مقامات پر منتقل کیا جا رہا ہے پاکستان کے مختلف شہروں میں سیلاب متاثرین کی امداد کا سلسلہ جاری ہے اور حکومت نے متاثرہ علاقوں میں ریلیف کیمپ قائم کر دیے ہیں جبکہ شہریوں کو محفوظ مقامات پر منتقل کیا جا رہا ہے پاکستان کے مختلف شہروں میں سیلاب متاثرین کی امداد کا سلسلہ جاری ہے اور حکومت نے متاثرہ علاقوں میں ریلیف کیمپ قائم کر دیے ہیں جبکہ شہریوں کو محفوظ مقامات پر منتقل کیا جا رہا ہے پاکس
خبر نمبر 27
پاکستان کے مختلف شہروں میں سیلاب متاثرین کی امداد کا سلسلہ جاری ہے اور حکومت نے متاثرہ علاقوں میں ریلیف کیمپ قائم کر دیے ہیں جبکہ شہریوں کو محفوظ مقامات پر منتقل کیا جا رہا ہے پاکستان کے مختلف شہروں میں سیلاب متاثرین کی امداد کا سلسلہ جاری ہے اور حکومت نے متاثرہ علاقوں میں ریلیف کیمپ قائم کر دیے ہیں جبکہ شہریوں کو محفوظ مقامات پر منتقل کیا جا رہا ہے پاکستان کے مختلف شہروں میں سیلاب متاثرین کی امداد کا سلسلہ جاری ہے اور حکومت نے متاثرہ علاقوں میں ریلیف کیمپ قائم کر دیے ہیں جبکہ شہریوں کو محفوظ مقامات پر منتقل کیا جا رہا ہے پاکستان کے مختلف
خبر نمبر 28
پاکستان کے مختلف شہروں میں سیلاب متاثرین کی امداد کا سلسلہ جاری ہے اور حکومت نے متاثرہ علاقوں میں ریلیف کیمپ قائم کر دیے ہیں جبکہ شہریوں کو محفوظ مقامات پر منتقل کیا جا رہا ہے پاکستان کے مختلف شہروں میں سیلاب متاثرین کی امداد کا سلسلہ جاری ہے اور حکومت نے متاثرہ علاقوں میں ریلیف کیمپ قائم کر دیے ہیں جبکہ شہریوں کو محفوظ مقامات پر منتقل کیا جا رہا ہے پاکستان کے مختلف شہروں میں سیلاب متاثرین کی امداد کا سلسلہ جاری ہے اور حکومت نے متاثرہ علاقوں میں ریلیف کیمپ قائم کر دیے ہیں جبکہ شہریوں کو محفوظ مقامات پر منتقل کیا جا رہا ہے پاکستان کے مختلف شہروں میں سیلاب متاثرین کی امداد کا سلسلہ جاری ہے اور حکومت نے متاث
کشمیریوں سے اظہار یکجہتی
قائداعظم پاکستان سے محبت
خبر نمبر 29
پاکستان کے مختلف شہروں میں سیلاب متاثرین کی امداد کا سلسلہ جاری ہے اور حکومت نے متاثرہ علاقوں میں ریلیف کیمپ قائم کر دیے ہیں جبکہ شہریوں کو محفوظ مقامات پر منتقل کیا جا رہا ہے پاکستان کے مختلف شہروں میں سیلاب متاثرین کی امداد کا سلسلہ جاری ہے اور حکومت نے متاثرہ علاقوں میں ریلیف کیمپ قائم کر دیے ہیں جبکہ شہریوں کو محفوظ مقامات پر منتقل کیا جا رہا ہے پاکستان کے مختلف شہروں میں سیلاب متاثرین کی امداد کا سلسلہ جاری ہے اور حکومت نے متاثرہ علاقوں میں ریلیف کیمپ قائم کر دیے ہیں جبکہ شہریوں کو محفوظ مقامات پر منتقل کیا جا رہا ہے پاکستان کے مختلف شہروں میں سیلاب متاثرین کی امداد کا سلسلہ جاری ہے اور حکومت نے متاثرہ علاقوں میں ریلیف کیمپ قائم کر دیے ہیں جبکہ شہریوں کو محفوظ مقامات پر منتقل کیا جا رہا ہے پاکستان کے مختلف شہروں میں سیلاب متاثرین کی امداد کا سلسلہ جاری ہے اور حکومت نے متاثرہ علاقوں میں ریلیف کیمپ قائم کر دیے ہیں جبکہ شہریوں کو محفوظ مقامات پر منتقل کیا جا رہا ہے پاکستان کے مختلف شہروں میں سیلاب متاثرین کی امداد کا سلسلہ جاری ہے اور حکومت نے متاثرہ علاقوں میں ریلیف کیمپ قائم کر دیے ہیں جبکہ شہریوں کو
خبر نمبر 30
پاکستان کے مختلف شہروں میں سیلاب متاثرین کی امداد کا سلسلہ جاری ہے اور حکومت نے متاثرہ علاقوں میں ریلیف کیمپ قائم کر دیے ہیں جبکہ شہریوں کو محفوظ مقامات پر منتقل کیا جا رہا ہے پاکستان کے مختلف شہروں میں سیلاب متاثرین کی امداد کا سلسلہ جاری ہے اور حکومت نے متاثرہ علاقوں میں ریلیف کیمپ قائم کر دیے ہیں جبکہ شہریوں کو محفوظ مقامات پر منتقل کیا جا رہا ہے پاکستان کے مختلف شہروں میں سیلاب متاثرین کی امداد کا سلسلہ جاری ہے اور حکومت نے متاثرہ علاقوں میں ریلیف کیمپ قائم کر دیے ہیں جبکہ شہریوں کو محفوظ مقامات پر منتقل کیا جا رہا ہے پاکستان کے مختلف شہروں میں سیلاب متاثرین کی امداد کا سلسلہ جاری ہے اور حکومت نے متاثرہ علاقوں میں ریلیف کیمپ قائم کر دیے ہیں جبکہ شہریوں کو محفوظ مقامات
خبر نمبر 31
پاکستان کے مختلف شہروں میں سیلاب متاثرین کی امداد کا سلسلہ جاری ہے اور حکومت نے متاثرہ علاقوں میں ریلیف کیمپ قائم کر دیے ہیں جبکہ شہریوں کو محفوظ مقامات پر منتقل کیا جا رہا ہے پاکستان کے مختلف شہروں میں سیلاب متاثرین کی امداد کا سلسلہ جاری ہے اور حکومت نے متاثرہ علاقوں می
خبر نمبر 32
پاکستان کے مختلف شہروں میں سیلاب متاثرین کی امداد کا سلسلہ جاری ہے اور حکومت نے متاثرہ علاقوں میں ریلیف کیمپ قائم کر دیے ہیں جبکہ شہریوں کو محفوظ مقامات پر منتقل کیا جا رہا ہے پاکستان کے مختلف شہروں میں سیلاب متاثرین کی امداد کا سلسلہ جاری ہے اور حکومت نے متاثرہ علاقوں میں ریلیف کیمپ قائم کر دیے ہیں جبکہ شہریوں کو محفوظ مقامات پر منتقل کیا جا رہا ہے پاکستان کے مختلف شہروں میں سیلاب متاثرین کی امداد کا سلس
